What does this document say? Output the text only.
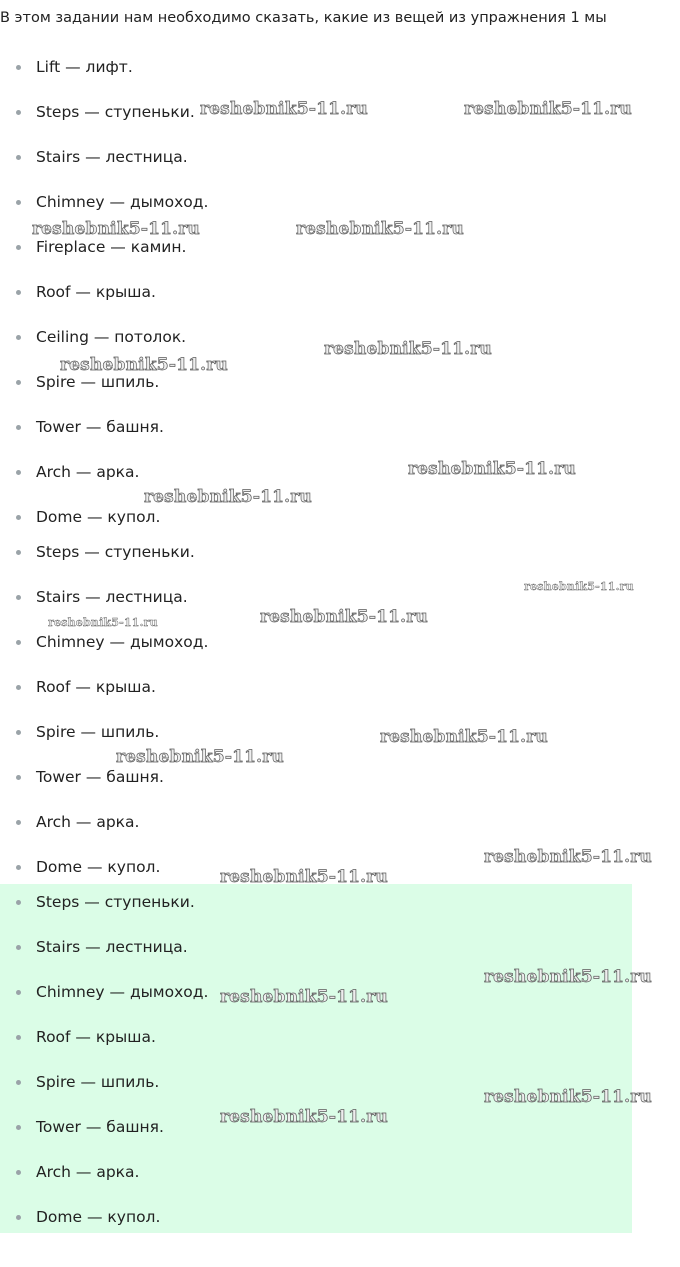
В этом задании нам необходимо сказать, какие из вещей из упражнения 1 мы

Lift — лифт.
Steps — ступеньки.
Stairs — лестница.
Chimney — дымоход.
Fireplace — камин.
Roof — крыша.
Ceiling — потолок.
Spire — шпиль.
Tower — башня.
Arch — арка.
Dome — купол.
Steps — ступеньки.
Stairs — лестница.
Chimney — дымоход.
Roof — крыша.
Spire — шпиль.
Tower — башня.
Arch — арка.
Dome — купол.
Steps — ступеньки.
Stairs — лестница.
Chimney — дымоход.
Roof — крыша.
Spire — шпиль.
Tower — башня.
Arch — арка.
Dome — купол.
reshebnik5-11.ru	reshebnik5-11.ru
reshebnik5-11.ru	reshebnik5-11.ru
reshebnik5-11.ru
reshebnik5-11.ru
reshebnik5-11.ru
reshebnik5-11.ru
reshebnik5-11.ru
reshebnik5-11.ru
reshebnik5-11.ru
reshebnik5-11.ru
reshebnik5-11.ru
reshebnik5-11.ru
reshebnik5-11.ru
reshebnik5-11.ru
reshebnik5-11.ru
reshebnik5-11.ru
reshebnik5-11.ru
